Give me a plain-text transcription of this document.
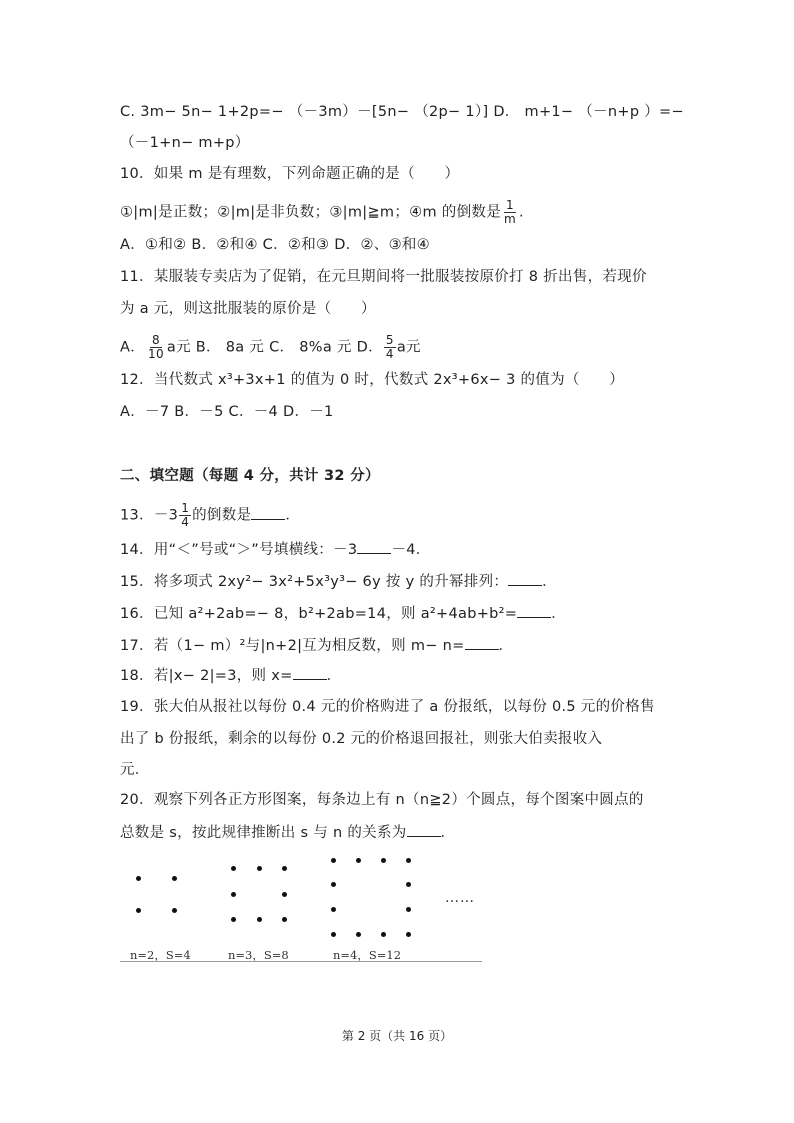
C. 3m− 5n− 1+2p=− （－3m）－[5n− （2p− 1）] D． m+1− （－n+p ）=−
（－1+n− m+p）
10．如果 m 是有理数，下列命题正确的是（　　）
①|m|是正数；②|m|是非负数；③|m|≧m；④m 的倒数是 $\frac{1}{m}$ .
A．①和② B．②和④ C．②和③ D．②、③和④
11．某服装专卖店为了促销，在元旦期间将一批服装按原价打 8 折出售，若现价
为 a 元，则这批服装的原价是（　　）
A． $\frac{8}{10}$ a元 B． 8a 元 C． 8%a 元 D． $\frac{5}{4}$ a元
12．当代数式 x³+3x+1 的值为 0 时，代数式 2x³+6x− 3 的值为（　　）
A．－7 B．－5 C．－4 D．－1
二、填空题（每题 4 分，共计 32 分）
13．$-3 \frac{1}{4}$ 的倒数是 ．
14．用“＜”号或“＞”号填横线：－3 －4．
15．将多项式 2xy²− 3x²+5x³y³− 6y 按 y 的升幂排列： ．
16．已知 a²+2ab=− 8，b²+2ab=14，则 a²+4ab+b²= ．
17．若（1− m）²与|n+2|互为相反数，则 m− n= ．
18．若|x− 2|=3，则 x= ．
19．张大伯从报社以每份 0.4 元的价格购进了 a 份报纸，以每份 0.5 元的价格售
出了 b 份报纸，剩余的以每份 0.2 元的价格退回报社，则张大伯卖报收入
元．
20．观察下列各正方形图案，每条边上有 n（n≧2）个圆点，每个图案中圆点的
总数是 s，按此规律推断出 s 与 n 的关系为 ．
……
n=2，S=4	n=3，S=8	n=4，S=12
第 2 页（共 16 页）
